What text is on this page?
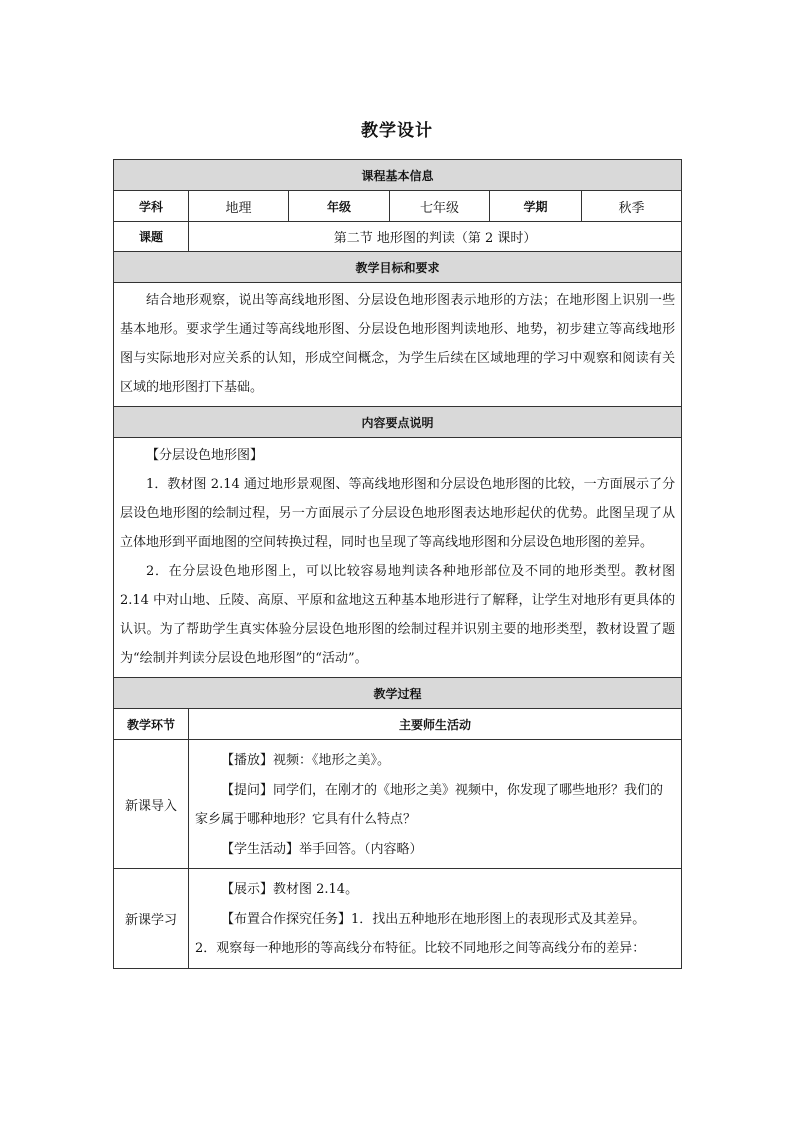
教学设计
课程基本信息					
学科	地理	年级	七年级	学期	秋季
课题	第二节 地形图的判读（第 2 课时）				
教学目标和要求					

结合地形观察，说出等高线地形图、分层设色地形图表示地形的方法；在地形图上识别一些基本地形。要求学生通过等高线地形图、分层设色地形图判读地形、地势，初步建立等高线地形图与实际地形对应关系的认知，形成空间概念，为学生后续在区域地理的学习中观察和阅读有关区域的地形图打下基础。					

内容要点说明					

【分层设色地形图】

1．教材图 2.14 通过地形景观图、等高线地形图和分层设色地形图的比较，一方面展示了分层设色地形图的绘制过程，另一方面展示了分层设色地形图表达地形起伏的优势。此图呈现了从立体地形到平面地图的空间转换过程，同时也呈现了等高线地形图和分层设色地形图的差异。

2．在分层设色地形图上，可以比较容易地判读各种地形部位及不同的地形类型。教材图 2.14 中对山地、丘陵、高原、平原和盆地这五种基本地形进行了解释，让学生对地形有更具体的认识。为了帮助学生真实体验分层设色地形图的绘制过程并识别主要的地形类型，教材设置了题为“绘制并判读分层设色地形图”的“活动”。					

教学过程					
教学环节	主要师生活动				
新课导入	【播放】视频：《地形之美》。

【提问】同学们，在刚才的《地形之美》视频中，你发现了哪些地形？我们的家乡属于哪种地形？它具有什么特点？

【学生活动】举手回答。（内容略）				

新课学习	【展示】教材图 2.14。

【布置合作探究任务】1．找出五种地形在地形图上的表现形式及其差异。

2．观察每一种地形的等高线分布特征。比较不同地形之间等高线分布的差异：				
